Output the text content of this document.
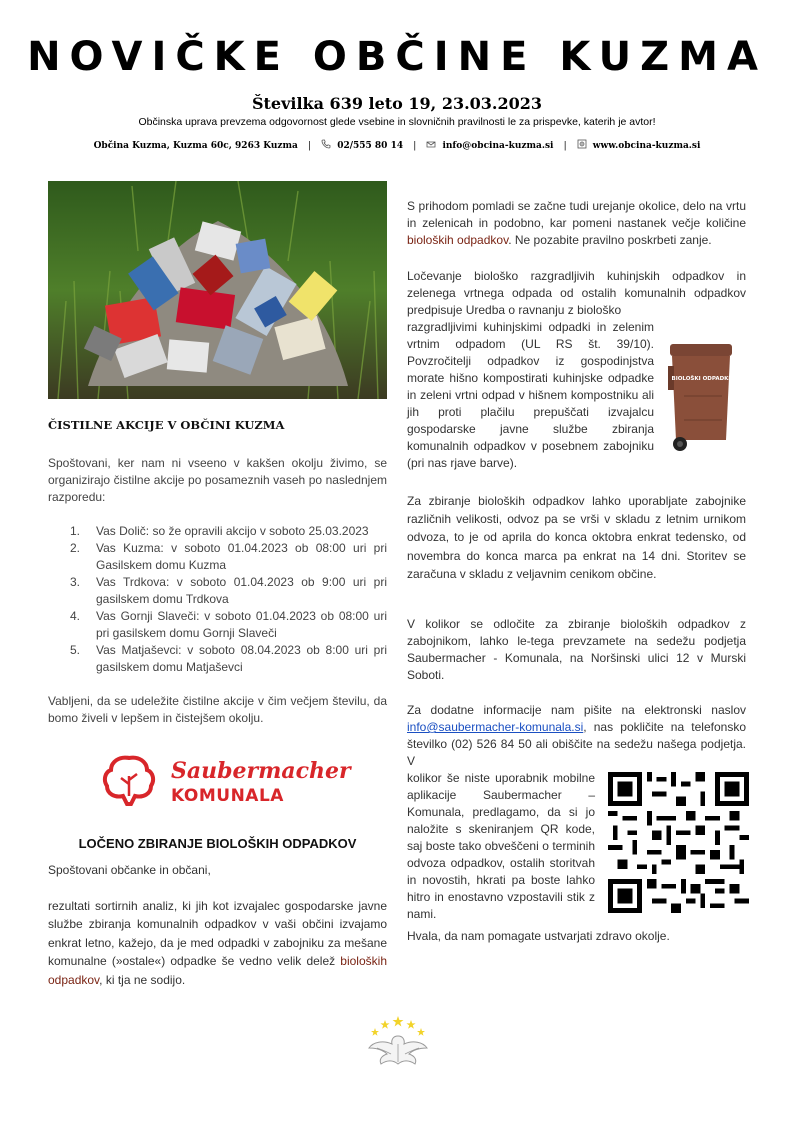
NOVIČKE OBČINE KUZMA
Številka 639 leto 19, 23.03.2023
Občinska uprava prevzema odgovornost glede vsebine in slovničnih pravilnosti le za prispevke, katerih je avtor!
Občina Kuzma, Kuzma 60c, 9263 Kuzma |	02/555 80 14 |	info@obcina-kuzma.si |	www.obcina-kuzma.si
ČISTILNE AKCIJE V OBČINI KUZMA
Spoštovani, ker nam ni vseeno v kakšen okolju živimo, se organizirajo čistilne akcije po posameznih vaseh po naslednjem razporedu:
1. Vas Dolič: so že opravili akcijo v soboto 25.03.2023
2. Vas Kuzma: v soboto 01.04.2023 ob 08:00 uri pri Gasilskem domu Kuzma
3. Vas Trdkova: v soboto 01.04.2023 ob 9:00 uri pri gasilskem domu Trdkova
4. Vas Gornji Slaveči: v soboto 01.04.2023 ob 08:00 uri pri gasilskem domu Gornji Slaveči
5. Vas Matjaševci: v soboto 08.04.2023 ob 8:00 uri pri gasilskem domu Matjaševci
Vabljeni, da se udeležite čistilne akcije v čim večjem številu, da bomo živeli v lepšem in čistejšem okolju.
Saubermacher
KOMUNALA
LOČENO ZBIRANJE BIOLOŠKIH ODPADKOV
Spoštovani občanke in občani,
rezultati sortirnih analiz, ki jih kot izvajalec gospodarske javne službe zbiranja komunalnih odpadkov v vaši občini izvajamo enkrat letno, kažejo, da je med odpadki v zabojniku za mešane komunalne (»ostale«) odpadke še vedno velik delež bioloških odpadkov, ki tja ne sodijo.
S prihodom pomladi se začne tudi urejanje okolice, delo na vrtu in zelenicah in podobno, kar pomeni nastanek večje količine bioloških odpadkov. Ne pozabite pravilno poskrbeti zanje.
Ločevanje biološko razgradljivih kuhinjskih odpadkov in zelenega vrtnega odpada od ostalih komunalnih odpadkov predpisuje Uredba o ravnanju z biološko
razgradljivimi kuhinjskimi odpadki in zelenim vrtnim odpadom (UL RS št. 39/10). Povzročitelji odpadkov iz gospodinjstva morate hišno kompostirati kuhinjske odpadke in zeleni vrtni odpad v hišnem kompostniku ali jih proti plačilu prepuščati izvajalcu gospodarske javne službe zbiranja komunalnih odpadkov v posebnem zabojniku (pri nas rjave barve).
BIOLOŠKI ODPADKI
Za zbiranje bioloških odpadkov lahko uporabljate zabojnike različnih velikosti, odvoz pa se vrši v skladu z letnim urnikom odvoza, to je od aprila do konca oktobra enkrat tedensko, od novembra do konca marca pa enkrat na 14 dni. Storitev se zaračuna v skladu z veljavnim cenikom občine.
V kolikor se odločite za zbiranje bioloških odpadkov z zabojnikom, lahko le-tega prevzamete na sedežu podjetja Saubermacher - Komunala, na Noršinski ulici 12 v Murski Soboti.
Za dodatne informacije nam pišite na elektronski naslov info@saubermacher-komunala.si, nas pokličite na telefonsko številko (02) 526 84 50 ali obiščite na sedežu našega podjetja. V
kolikor še niste uporabnik mobilne aplikacije Saubermacher – Komunala, predlagamo, da si jo naložite s skeniranjem QR kode, saj boste tako obveščeni o terminih odvoza odpadkov, ostalih storitvah in novostih, hkrati pa boste lahko hitro in enostavno vzpostavili stik z nami.
Hvala, da nam pomagate ustvarjati zdravo okolje.
